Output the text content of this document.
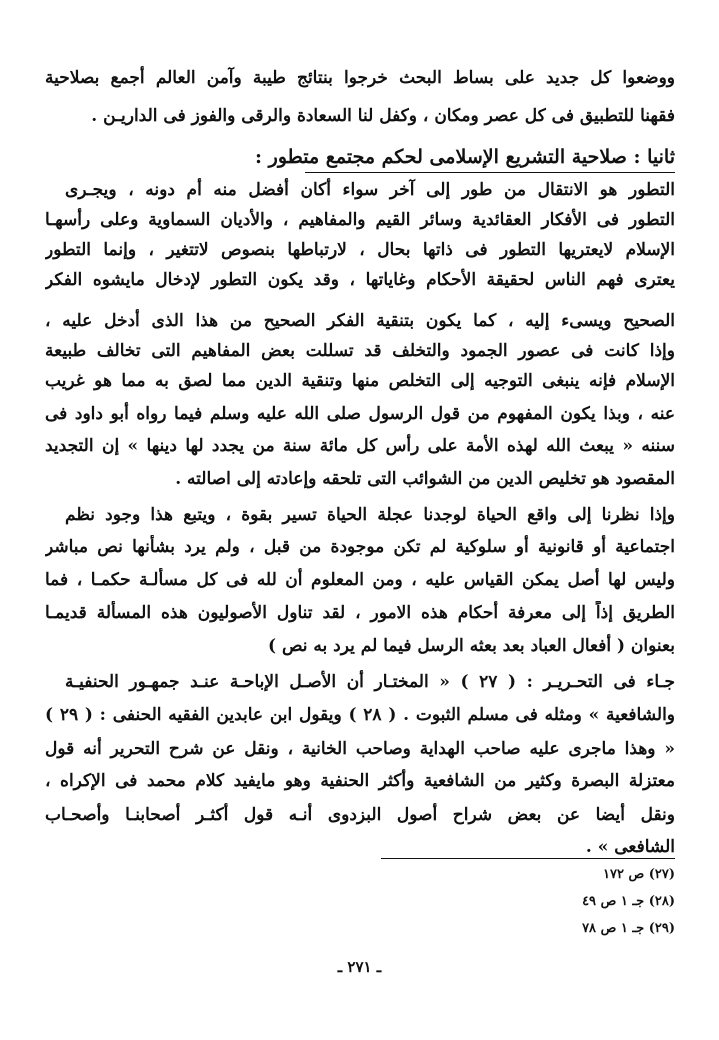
ووضعوا كل جديد على بساط البحث خرجوا بنتائج طيبة وآمن العالم أجمع بصلاحية
فقهنا للتطبيق فى كل عصر ومكان ، وكفل لنا السعادة والرقى والفوز فى الداريـن .
ثانيا : صلاحية التشريع الإسلامى لحكم مجتمع متطور :
التطور هو الانتقال من طور إلى آخر سواء أكان أفضل منه أم دونه ، ويجـرى
التطور فى الأفكار العقائدية وسائر القيم والمفاهيم ، والأديان السماوية وعلى رأسهـا
الإسلام لايعتريها التطور فى ذاتها بحال ، لارتباطها بنصوص لاتتغير ، وإنما التطور
يعترى فهم الناس لحقيقة الأحكام وغاياتها ، وقد يكون التطور لإدخال مايشوه الفكر
الصحيح ويسىء إليه ، كما يكون بتنقية الفكر الصحيح من هذا الذى أدخل عليه ،
وإذا كانت فى عصور الجمود والتخلف قد تسللت بعض المفاهيم التى تخالف طبيعة
الإسلام فإنه ينبغى التوجيه إلى التخلص منها وتنقية الدين مما لصق به مما هو غريب
عنه ، وبذا يكون المفهوم من قول الرسول صلى الله عليه وسلم فيما رواه أبو داود فى
سننه « يبعث الله لهذه الأمة على رأس كل مائة سنة من يجدد لها دينها » إن التجديد
المقصود هو تخليص الدين من الشوائب التى تلحقه وإعادته إلى اصالته .
وإذا نظرنا إلى واقع الحياة لوجدنا عجلة الحياة تسير بقوة ، ويتبع هذا وجود نظم
اجتماعية أو قانونية أو سلوكية لم تكن موجودة من قبل ، ولم يرد بشأنها نص مباشر
وليس لها أصل يمكن القياس عليه ، ومن المعلوم أن لله فى كل مسألـة حكمـا ، فما
الطريق إذاً إلى معرفة أحكام هذه الامور ، لقد تناول الأصوليون هذه المسألة قديمـا
بعنوان ( أفعال العباد بعد بعثه الرسل فيما لم يرد به نص )
جـاء فى التحـريـر : ( ٢٧ ) « المختـار أن الأصـل الإباحـة عنـد جمهـور الحنفيـة
والشافعية » ومثله فى مسلم الثبوت . ( ٢٨ ) ويقول ابن عابدين الفقيه الحنفى : ( ٢٩ )
« وهذا ماجرى عليه صاحب الهداية وصاحب الخانية ، ونقل عن شرح التحرير أنه قول
معتزلة البصرة وكثير من الشافعية وأكثر الحنفية وهو مايفيد كلام محمد فى الإكراه ،
ونقل أيضا عن بعض شراح أصول البزدوى أنـه قول أكثـر أصحابنـا وأصحـاب
الشافعى » .
(٢٧) ص ١٧٢
(٢٨) جـ ١ ص ٤٩
(٢٩) جـ ١ ص ٧٨
ـ ٢٧١ ـ
